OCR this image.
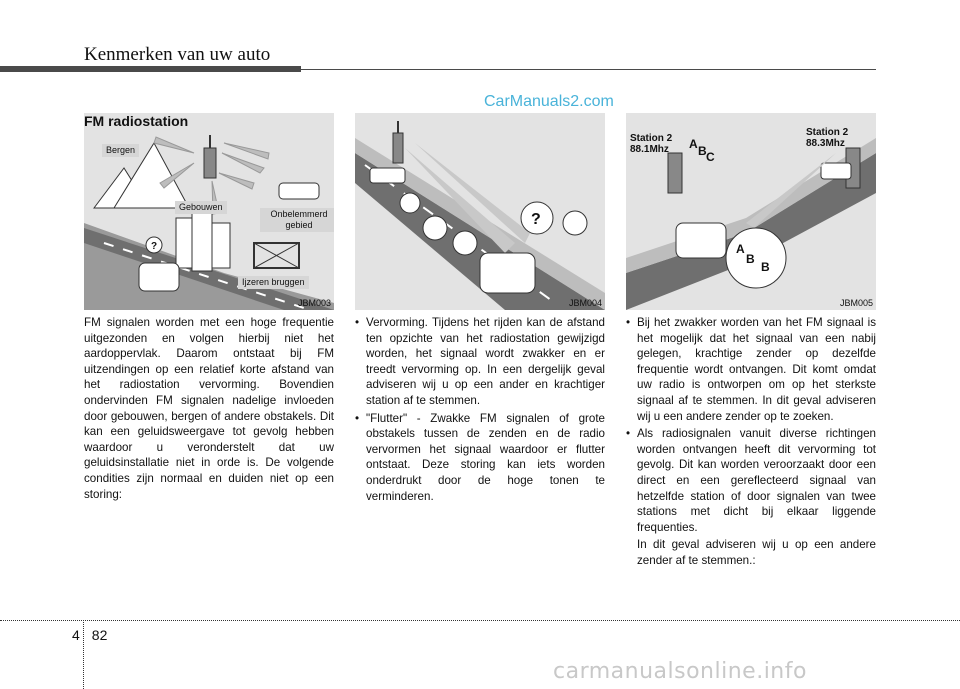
Kenmerken van uw auto
CarManuals2.com
?
FM radiostation
Bergen
Gebouwen
Onbelemmerd gebied
Ijzeren bruggen
JBM003
?
JBM004
A B C
A
B
B
Station 2
88.1Mhz
Station 2
88.3Mhz
JBM005

FM signalen worden met een hoge frequentie uitgezonden en volgen hierbij niet het aardoppervlak. Daarom ontstaat bij FM uitzendingen op een relatief korte afstand van het radiostation vervorming. Bovendien ondervinden FM signalen nadelige invloeden door gebouwen, bergen of andere obstakels. Dit kan een geluidsweergave tot gevolg hebben waardoor u veronderstelt dat uw geluidsinstallatie niet in orde is. De volgende condities zijn normaal en duiden niet op een storing:

• Vervorming. Tijdens het rijden kan de afstand ten opzichte van het radiostation gewijzigd worden, het signaal wordt zwakker en er treedt vervorming op. In een dergelijk geval adviseren wij u op een ander en krachtiger station af te stemmen.
• "Flutter" - Zwakke FM signalen of grote obstakels tussen de zenden en de radio vervormen het signaal waardoor er flutter ontstaat. Deze storing kan iets worden onderdrukt door de hoge tonen te verminderen.
• Bij het zwakker worden van het FM signaal is het mogelijk dat het signaal van een nabij gelegen, krachtige zender op dezelfde frequentie wordt ontvangen. Dit komt omdat uw radio is ontworpen om op het sterkste signaal af te stemmen. In dit geval adviseren wij u een andere zender op te zoeken.
• Als radiosignalen vanuit diverse richtingen worden ontvangen heeft dit vervorming tot gevolg. Dit kan worden veroorzaakt door een direct en een gereflecteerd signaal van hetzelfde station of door signalen van twee stations met dicht bij elkaar liggende frequenties.
In dit geval adviseren wij u op een andere zender af te stemmen.:
4 82
carmanualsonline.info
